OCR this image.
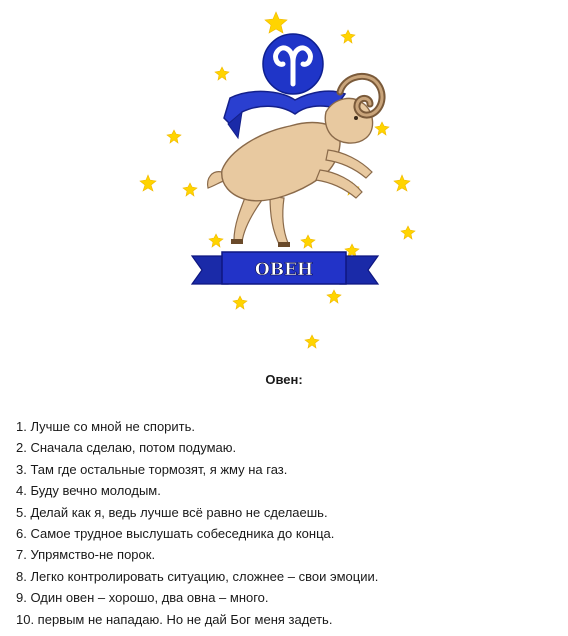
ОВЕН
Овен:
1. Лучше со мной не спорить.
2. Сначала сделаю, потом подумаю.
3. Там где остальные тормозят, я жму на газ.
4. Буду вечно молодым.
5. Делай как я, ведь лучше всё равно не сделаешь.
6. Самое трудное выслушать собеседника до конца.
7. Упрямство-не порок.
8. Легко контролировать ситуацию, сложнее – свои эмоции.
9. Один овен – хорошо, два овна – много.
10. первым не нападаю. Но не дай Бог меня задеть.
